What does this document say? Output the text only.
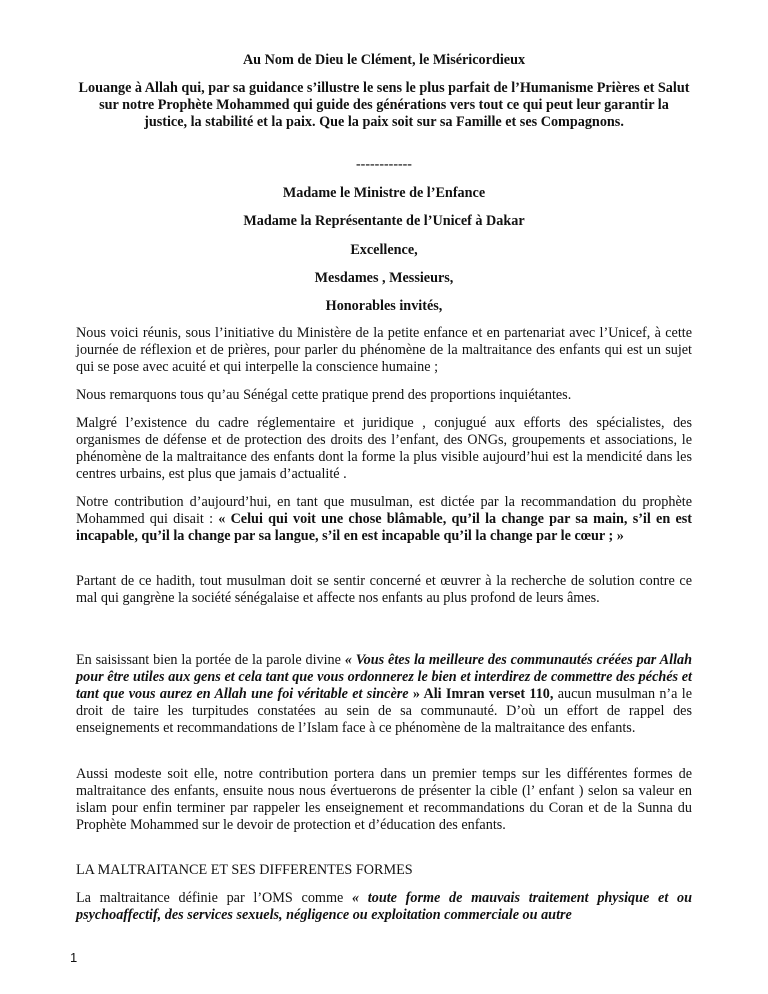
Au Nom de Dieu le Clément, le Miséricordieux
Louange à Allah qui, par sa guidance s’illustre le sens le plus parfait de l’Humanisme Prières et Salut sur notre Prophète Mohammed qui guide des générations vers tout ce qui peut leur garantir la justice, la stabilité et la paix. Que la paix soit sur sa Famille et ses Compagnons.
------------
Madame le Ministre de l’Enfance
Madame la Représentante de l’Unicef à Dakar
Excellence,
Mesdames , Messieurs,
Honorables invités,

Nous voici réunis, sous l’initiative du Ministère de la petite enfance et en partenariat avec l’Unicef, à cette journée de réflexion et de prières, pour parler du phénomène de la maltraitance des enfants qui est un sujet qui se pose avec acuité et qui interpelle la conscience humaine ;

Nous remarquons tous qu’au Sénégal cette pratique prend des proportions inquiétantes.

Malgré l’existence du cadre réglementaire et juridique , conjugué aux efforts des spécialistes, des organismes de défense et de protection des droits des l’enfant, des ONGs, groupements et associations, le phénomène de la maltraitance des enfants dont la forme la plus visible aujourd’hui est la mendicité dans les centres urbains, est plus que jamais d’actualité .

Notre contribution d’aujourd’hui, en tant que musulman, est dictée par la recommandation du prophète Mohammed qui disait : « Celui qui voit une chose blâmable, qu’il la change par sa main, s’il en est incapable, qu’il la change par sa langue, s’il en est incapable qu’il la change par le cœur ; »

Partant de ce hadith, tout musulman doit se sentir concerné et œuvrer à la recherche de solution contre ce mal qui gangrène la société sénégalaise et affecte nos enfants au plus profond de leurs âmes.

En saisissant bien la portée de la parole divine « Vous êtes la meilleure des communautés créées par Allah pour être utiles aux gens et cela tant que vous ordonnerez le bien et interdirez de commettre des péchés et tant que vous aurez en Allah une foi véritable et sincère » Ali Imran verset 110, aucun musulman n’a le droit de taire les turpitudes constatées au sein de sa communauté. D’où un effort de rappel des enseignements et recommandations de l’Islam face à ce phénomène de la maltraitance des enfants.

Aussi modeste soit elle, notre contribution portera dans un premier temps sur les différentes formes de maltraitance des enfants, ensuite nous nous évertuerons de présenter la cible (l’ enfant ) selon sa valeur en islam pour enfin terminer par rappeler les enseignement et recommandations du Coran et de la Sunna du Prophète Mohammed sur le devoir de protection et d’éducation des enfants.

LA MALTRAITANCE ET SES DIFFERENTES FORMES

La maltraitance définie par l’OMS comme « toute forme de mauvais traitement physique et ou psychoaffectif, des services sexuels, négligence ou exploitation commerciale ou autre

1
